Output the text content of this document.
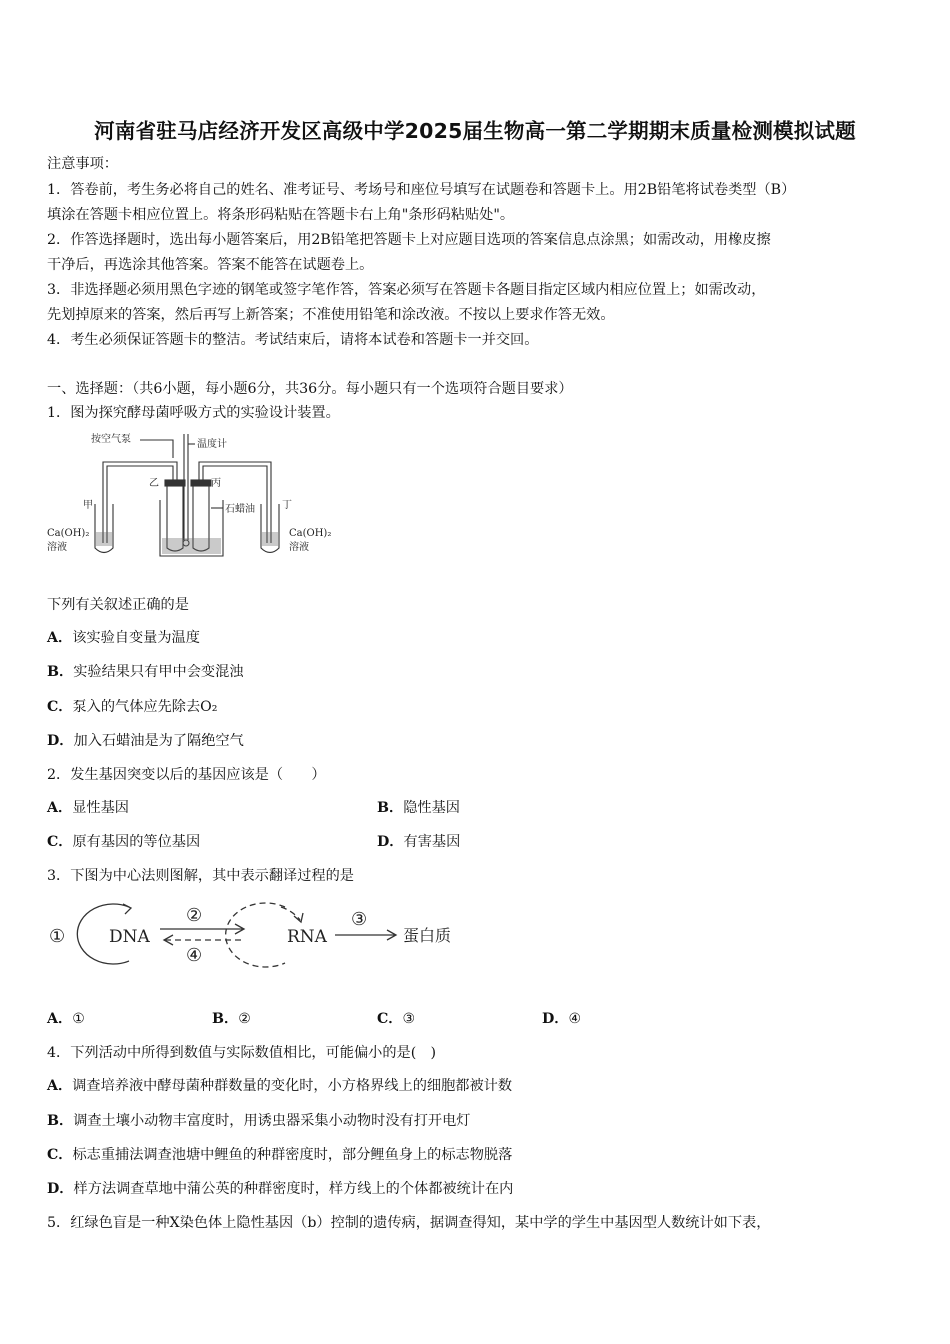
河南省驻马店经济开发区高级中学2025届生物高一第二学期期末质量检测模拟试题
注意事项：
1．答卷前，考生务必将自己的姓名、准考证号、考场号和座位号填写在试题卷和答题卡上。用2B铅笔将试卷类型（B）
填涂在答题卡相应位置上。将条形码粘贴在答题卡右上角"条形码粘贴处"。
2．作答选择题时，选出每小题答案后，用2B铅笔把答题卡上对应题目选项的答案信息点涂黑；如需改动，用橡皮擦
干净后，再选涂其他答案。答案不能答在试题卷上。
3．非选择题必须用黑色字迹的钢笔或签字笔作答，答案必须写在答题卡各题目指定区域内相应位置上；如需改动，
先划掉原来的答案，然后再写上新答案；不准使用铅笔和涂改液。不按以上要求作答无效。
4．考生必须保证答题卡的整洁。考试结束后，请将本试卷和答题卡一并交回。
一、选择题：（共6小题，每小题6分，共36分。每小题只有一个选项符合题目要求）
1．图为探究酵母菌呼吸方式的实验设计装置。
按空气泵	温度计
乙	丙
甲	丁
石蜡油
Ca(OH)₂
溶液
Ca(OH)₂
溶液
下列有关叙述正确的是
A．该实验自变量为温度
B．实验结果只有甲中会变混浊
C．泵入的气体应先除去O₂
D．加入石蜡油是为了隔绝空气
2．发生基因突变以后的基因应该是（　　）
A．显性基因	B．隐性基因
C．原有基因的等位基因	D．有害基因
3．下图为中心法则图解，其中表示翻译过程的是
①	DNA
②
④
RNA
③
蛋白质
A．①	B．②	C．③	D．④
4．下列活动中所得到数值与实际数值相比，可能偏小的是(　)
A．调查培养液中酵母菌种群数量的变化时，小方格界线上的细胞都被计数
B．调查土壤小动物丰富度时，用诱虫器采集小动物时没有打开电灯
C．标志重捕法调查池塘中鲤鱼的种群密度时，部分鲤鱼身上的标志物脱落
D．样方法调查草地中蒲公英的种群密度时，样方线上的个体都被统计在内
5．红绿色盲是一种X染色体上隐性基因（b）控制的遗传病，据调查得知，某中学的学生中基因型人数统计如下表，
